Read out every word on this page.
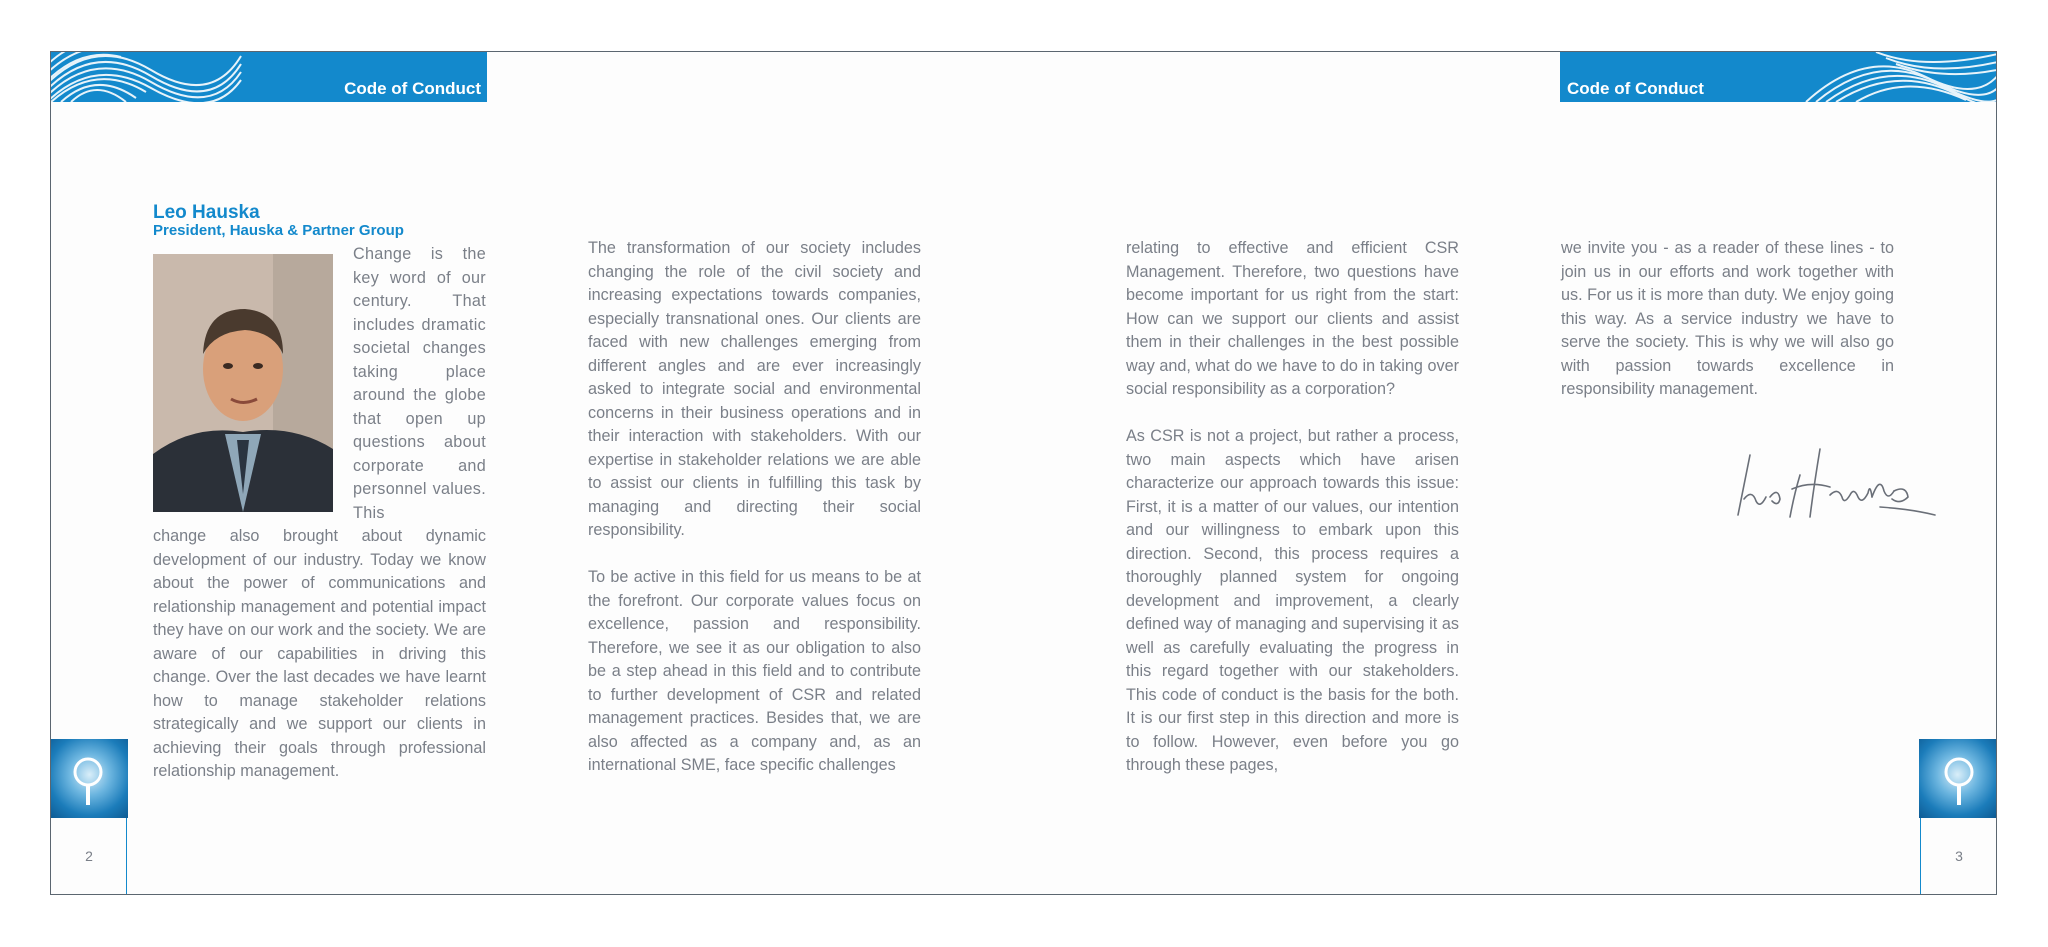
Code of Conduct	Code of Conduct
2	3
Leo Hauska
President, Hauska & Partner Group
Change is the key word of our century. That includes dramatic societal changes taking place around the globe that open up questions about corporate and personnel values. This

change also brought about dynamic development of our industry. Today we know about the power of communications and relationship management and potential impact they have on our work and the society. We are aware of our capabilities in driving this change. Over the last decades we have learnt how to manage stakeholder relations strategically and we support our clients in achieving their goals through professional relationship management.

The transformation of our society includes changing the role of the civil society and increasing expectations towards companies, especially transnational ones. Our clients are faced with new challenges emerging from different angles and are ever increasingly asked to integrate social and environmental concerns in their business operations and in their interaction with stakeholders. With our expertise in stakeholder relations we are able to assist our clients in fulfilling this task by managing and directing their social responsibility.

To be active in this field for us means to be at the forefront. Our corporate values focus on excellence, passion and responsibility. Therefore, we see it as our obligation to also be a step ahead in this field and to contribute to further development of CSR and related management practices. Besides that, we are also affected as a company and, as an international SME, face specific challenges

relating to effective and efficient CSR Management. Therefore, two questions have become important for us right from the start: How can we support our clients and assist them in their challenges in the best possible way and, what do we have to do in taking over social responsibility as a corporation?

As CSR is not a project, but rather a process, two main aspects which have arisen characterize our approach towards this issue: First, it is a matter of our values, our intention and our willingness to embark upon this direction. Second, this process requires a thoroughly planned system for ongoing development and improvement, a clearly defined way of managing and supervising it as well as carefully evaluating the progress in this regard together with our stakeholders. This code of conduct is the basis for the both. It is our first step in this direction and more is to follow. However, even before you go through these pages,

we invite you - as a reader of these lines - to join us in our efforts and work together with us. For us it is more than duty. We enjoy going this way. As a service industry we have to serve the society. This is why we will also go with passion towards excellence in responsibility management.
